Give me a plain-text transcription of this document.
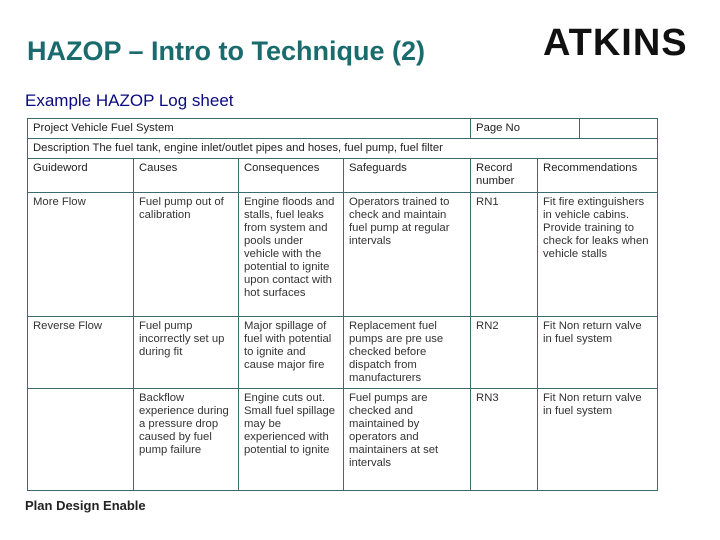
HAZOP – Intro to Technique (2)	ATKINS
Example HAZOP Log sheet
Project Vehicle Fuel System				Page No	

Description The fuel tank, engine inlet/outlet pipes and hoses, fuel pump, fuel filter					
Guideword	Causes	Consequences	Safeguards	Record number	Recommendations
More Flow	Fuel pump out of calibration	Engine floods and stalls, fuel leaks from system and pools under vehicle with the potential to ignite upon contact with hot surfaces	Operators trained to check and maintain fuel pump at regular intervals	RN1	Fit fire extinguishers in vehicle cabins. Provide training to check for leaks when vehicle stalls
Reverse Flow	Fuel pump incorrectly set up during fit	Major spillage of fuel with potential to ignite and cause major fire	Replacement fuel pumps are pre use checked before dispatch from manufacturers	RN2	Fit Non return valve in fuel system
	Backflow experience during a pressure drop caused by fuel pump failure	Engine cuts out. Small fuel spillage may be experienced with potential to ignite	Fuel pumps are checked and maintained by operators and maintainers at set intervals	RN3	Fit Non return valve in fuel system
Plan Design Enable
